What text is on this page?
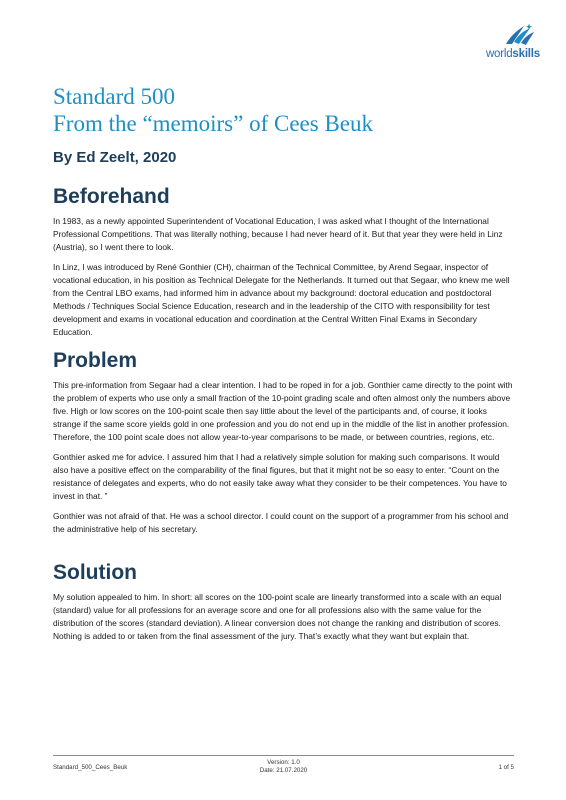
worldskills
Standard 500
From the “memoirs” of Cees Beuk
By Ed Zeelt, 2020
Beforehand

In 1983, as a newly appointed Superintendent of Vocational Education, I was asked what I thought of the International Professional Competitions. That was literally nothing, because I had never heard of it. But that year they were held in Linz (Austria), so I went there to look.

In Linz, I was introduced by René Gonthier (CH), chairman of the Technical Committee, by Arend Segaar, inspector of vocational education, in his position as Technical Delegate for the Netherlands. It turned out that Segaar, who knew me well from the Central LBO exams, had informed him in advance about my background: doctoral education and postdoctoral Methods / Techniques Social Science Education, research and in the leadership of the CITO with responsibility for test development and exams in vocational education and coordination at the Central Written Final Exams in Secondary Education.

Problem

This pre-information from Segaar had a clear intention. I had to be roped in for a job. Gonthier came directly to the point with the problem of experts who use only a small fraction of the 10-point grading scale and often almost only the numbers above five. High or low scores on the 100-point scale then say little about the level of the participants and, of course, it looks strange if the same score yields gold in one profession and you do not end up in the middle of the list in another profession. Therefore, the 100 point scale does not allow year-to-year comparisons to be made, or between countries, regions, etc.

Gonthier asked me for advice. I assured him that I had a relatively simple solution for making such comparisons. It would also have a positive effect on the comparability of the final figures, but that it might not be so easy to enter. “Count on the resistance of delegates and experts, who do not easily take away what they consider to be their competences. You have to invest in that. ”

Gonthier was not afraid of that. He was a school director. I could count on the support of a programmer from his school and the administrative help of his secretary.

Solution

My solution appealed to him. In short: all scores on the 100-point scale are linearly transformed into a scale with an equal (standard) value for all professions for an average score and one for all professions also with the same value for the distribution of the scores (standard deviation). A linear conversion does not change the ranking and distribution of scores. Nothing is added to or taken from the final assessment of the jury. That’s exactly what they want but explain that.

Standard_500_Cees_Beuk
Version: 1.0
Date: 21.07.2020	1 of 5
